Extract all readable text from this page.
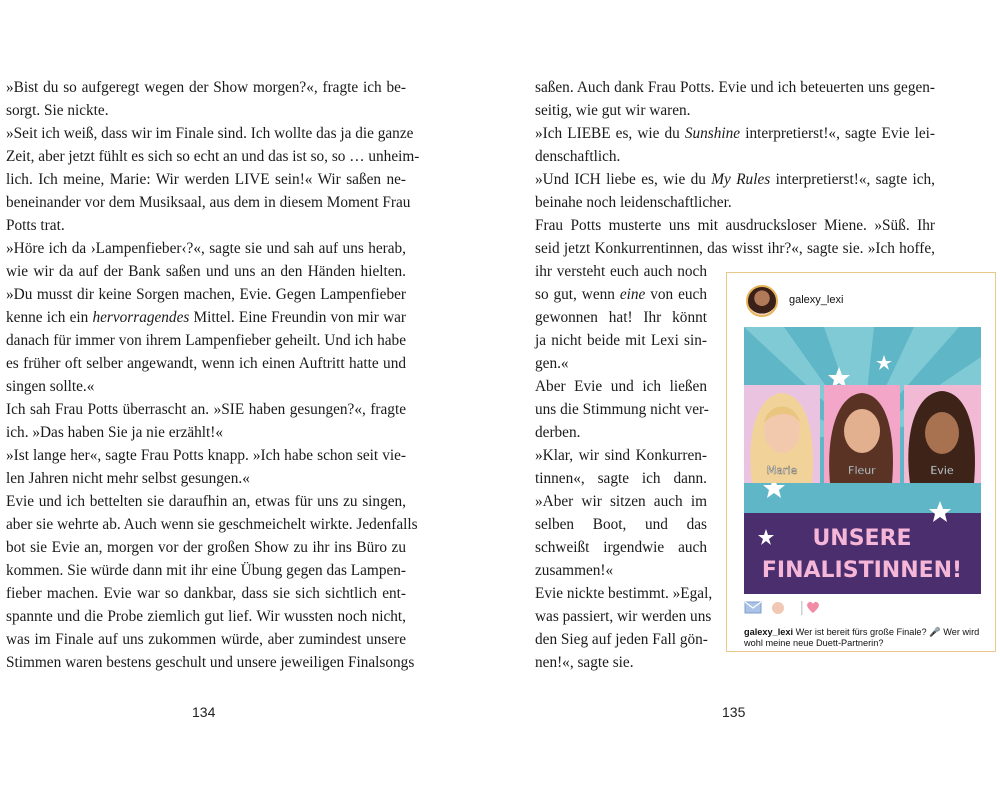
»Bist du so aufgeregt wegen der Show morgen?«, fragte ich be-
sorgt. Sie nickte.
»Seit ich weiß, dass wir im Finale sind. Ich wollte das ja die ganze
Zeit, aber jetzt fühlt es sich so echt an und das ist so, so … unheim-
lich. Ich meine, Marie: Wir werden LIVE sein!« Wir saßen ne-
beneinander vor dem Musiksaal, aus dem in diesem Moment Frau
Potts trat.
»Höre ich da ›Lampenfieber‹?«, sagte sie und sah auf uns herab,
wie wir da auf der Bank saßen und uns an den Händen hielten.
»Du musst dir keine Sorgen machen, Evie. Gegen Lampenfieber
kenne ich ein hervorragendes Mittel. Eine Freundin von mir war
danach für immer von ihrem Lampenfieber geheilt. Und ich habe
es früher oft selber angewandt, wenn ich einen Auftritt hatte und
singen sollte.«
Ich sah Frau Potts überrascht an. »SIE haben gesungen?«, fragte
ich. »Das haben Sie ja nie erzählt!«
»Ist lange her«, sagte Frau Potts knapp. »Ich habe schon seit vie-
len Jahren nicht mehr selbst gesungen.«
Evie und ich bettelten sie daraufhin an, etwas für uns zu singen,
aber sie wehrte ab. Auch wenn sie geschmeichelt wirkte. Jedenfalls
bot sie Evie an, morgen vor der großen Show zu ihr ins Büro zu
kommen. Sie würde dann mit ihr eine Übung gegen das Lampen-
fieber machen. Evie war so dankbar, dass sie sich sichtlich ent-
spannte und die Probe ziemlich gut lief. Wir wussten noch nicht,
was im Finale auf uns zukommen würde, aber zumindest unsere
Stimmen waren bestens geschult und unsere jeweiligen Finalsongs
saßen. Auch dank Frau Potts. Evie und ich beteuerten uns gegen-
seitig, wie gut wir waren.
»Ich LIEBE es, wie du Sunshine interpretierst!«, sagte Evie lei-
denschaftlich.
»Und ICH liebe es, wie du My Rules interpretierst!«, sagte ich,
beinahe noch leidenschaftlicher.
Frau Potts musterte uns mit ausdrucksloser Miene. »Süß. Ihr
seid jetzt Konkurrentinnen, das wisst ihr?«, sagte sie. »Ich hoffe,
ihr versteht euch auch noch
so gut, wenn eine von euch
gewonnen hat! Ihr könnt
ja nicht beide mit Lexi sin-
gen.«
Aber Evie und ich ließen
uns die Stimmung nicht ver-
derben.
»Klar, wir sind Konkurren-
tinnen«, sagte ich dann.
»Aber wir sitzen auch im
selben Boot, und das
schweißt irgendwie auch
zusammen!«
Evie nickte bestimmt. »Egal,
was passiert, wir werden uns
den Sieg auf jeden Fall gön-
nen!«, sagte sie.
134	135
galexy_lexi
Marie	Fleur	Evie
UNSERE
FINALISTINNEN!
galexy_lexi Wer ist bereit fürs große Finale? 🎤 Wer wird wohl meine neue Duett-Partnerin?
